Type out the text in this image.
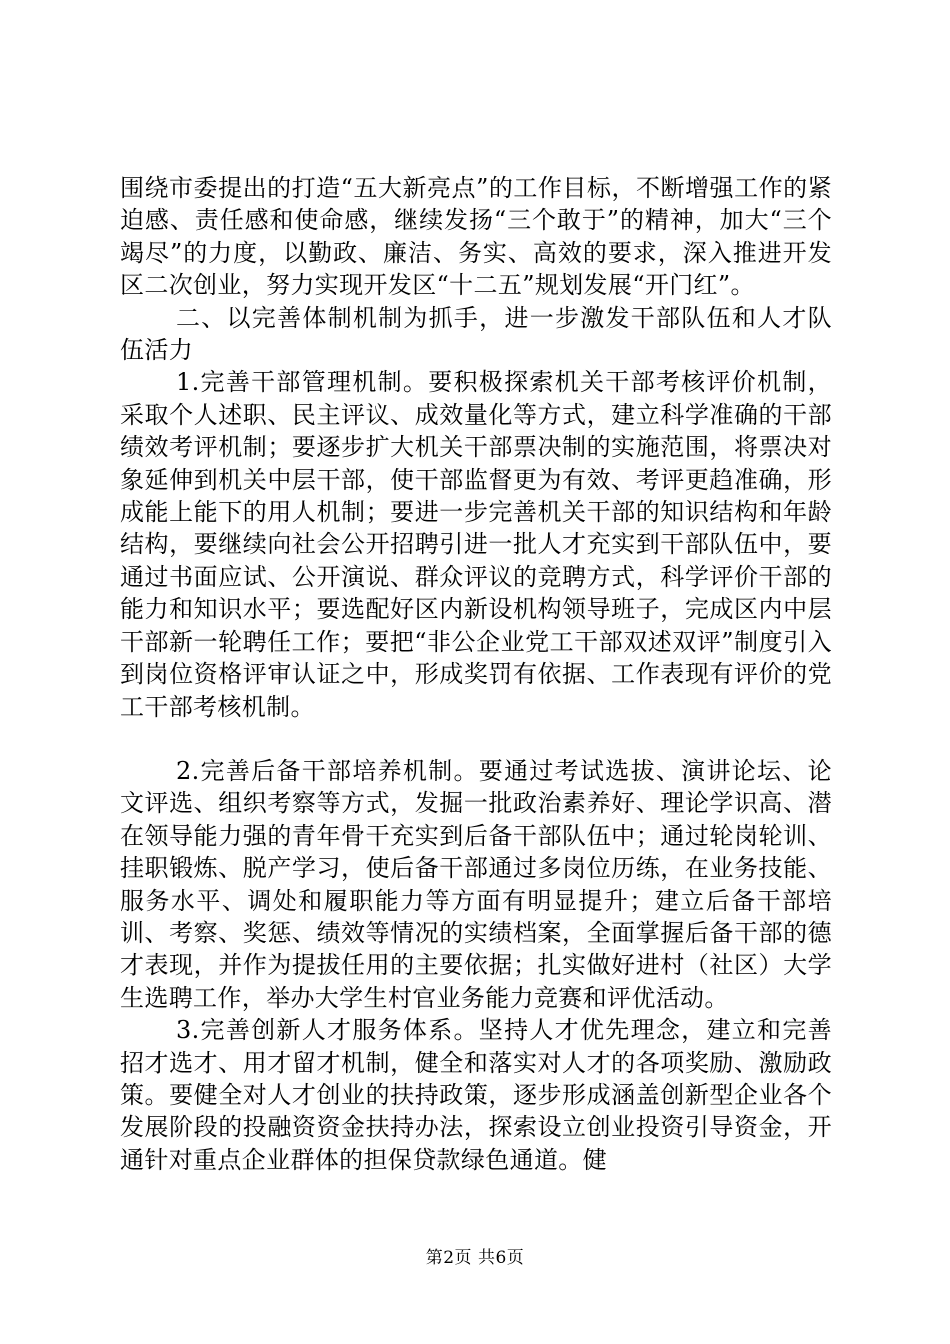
围绕市委提出的打造“五大新亮点”的工作目标，不断增强工作的紧迫感、责任感和使命感，继续发扬“三个敢于”的精神，加大“三个竭尽”的力度，以勤政、廉洁、务实、高效的要求，深入推进开发区二次创业，努力实现开发区“十二五”规划发展“开门红”。

二、以完善体制机制为抓手，进一步激发干部队伍和人才队伍活力

1.完善干部管理机制。要积极探索机关干部考核评价机制，采取个人述职、民主评议、成效量化等方式，建立科学准确的干部绩效考评机制；要逐步扩大机关干部票决制的实施范围，将票决对象延伸到机关中层干部，使干部监督更为有效、考评更趋准确，形成能上能下的用人机制；要进一步完善机关干部的知识结构和年龄结构，要继续向社会公开招聘引进一批人才充实到干部队伍中，要通过书面应试、公开演说、群众评议的竞聘方式，科学评价干部的能力和知识水平；要选配好区内新设机构领导班子，完成区内中层干部新一轮聘任工作；要把“非公企业党工干部双述双评”制度引入到岗位资格评审认证之中，形成奖罚有依据、工作表现有评价的党工干部考核机制。

2.完善后备干部培养机制。要通过考试选拔、演讲论坛、论文评选、组织考察等方式，发掘一批政治素养好、理论学识高、潜在领导能力强的青年骨干充实到后备干部队伍中；通过轮岗轮训、挂职锻炼、脱产学习，使后备干部通过多岗位历练，在业务技能、服务水平、调处和履职能力等方面有明显提升；建立后备干部培训、考察、奖惩、绩效等情况的实绩档案，全面掌握后备干部的德才表现，并作为提拔任用的主要依据；扎实做好进村（社区）大学生选聘工作，举办大学生村官业务能力竞赛和评优活动。

3.完善创新人才服务体系。坚持人才优先理念，建立和完善招才选才、用才留才机制，健全和落实对人才的各项奖励、激励政策。要健全对人才创业的扶持政策，逐步形成涵盖创新型企业各个发展阶段的投融资资金扶持办法，探索设立创业投资引导资金，开通针对重点企业群体的担保贷款绿色通道。健

第2页 共6页
